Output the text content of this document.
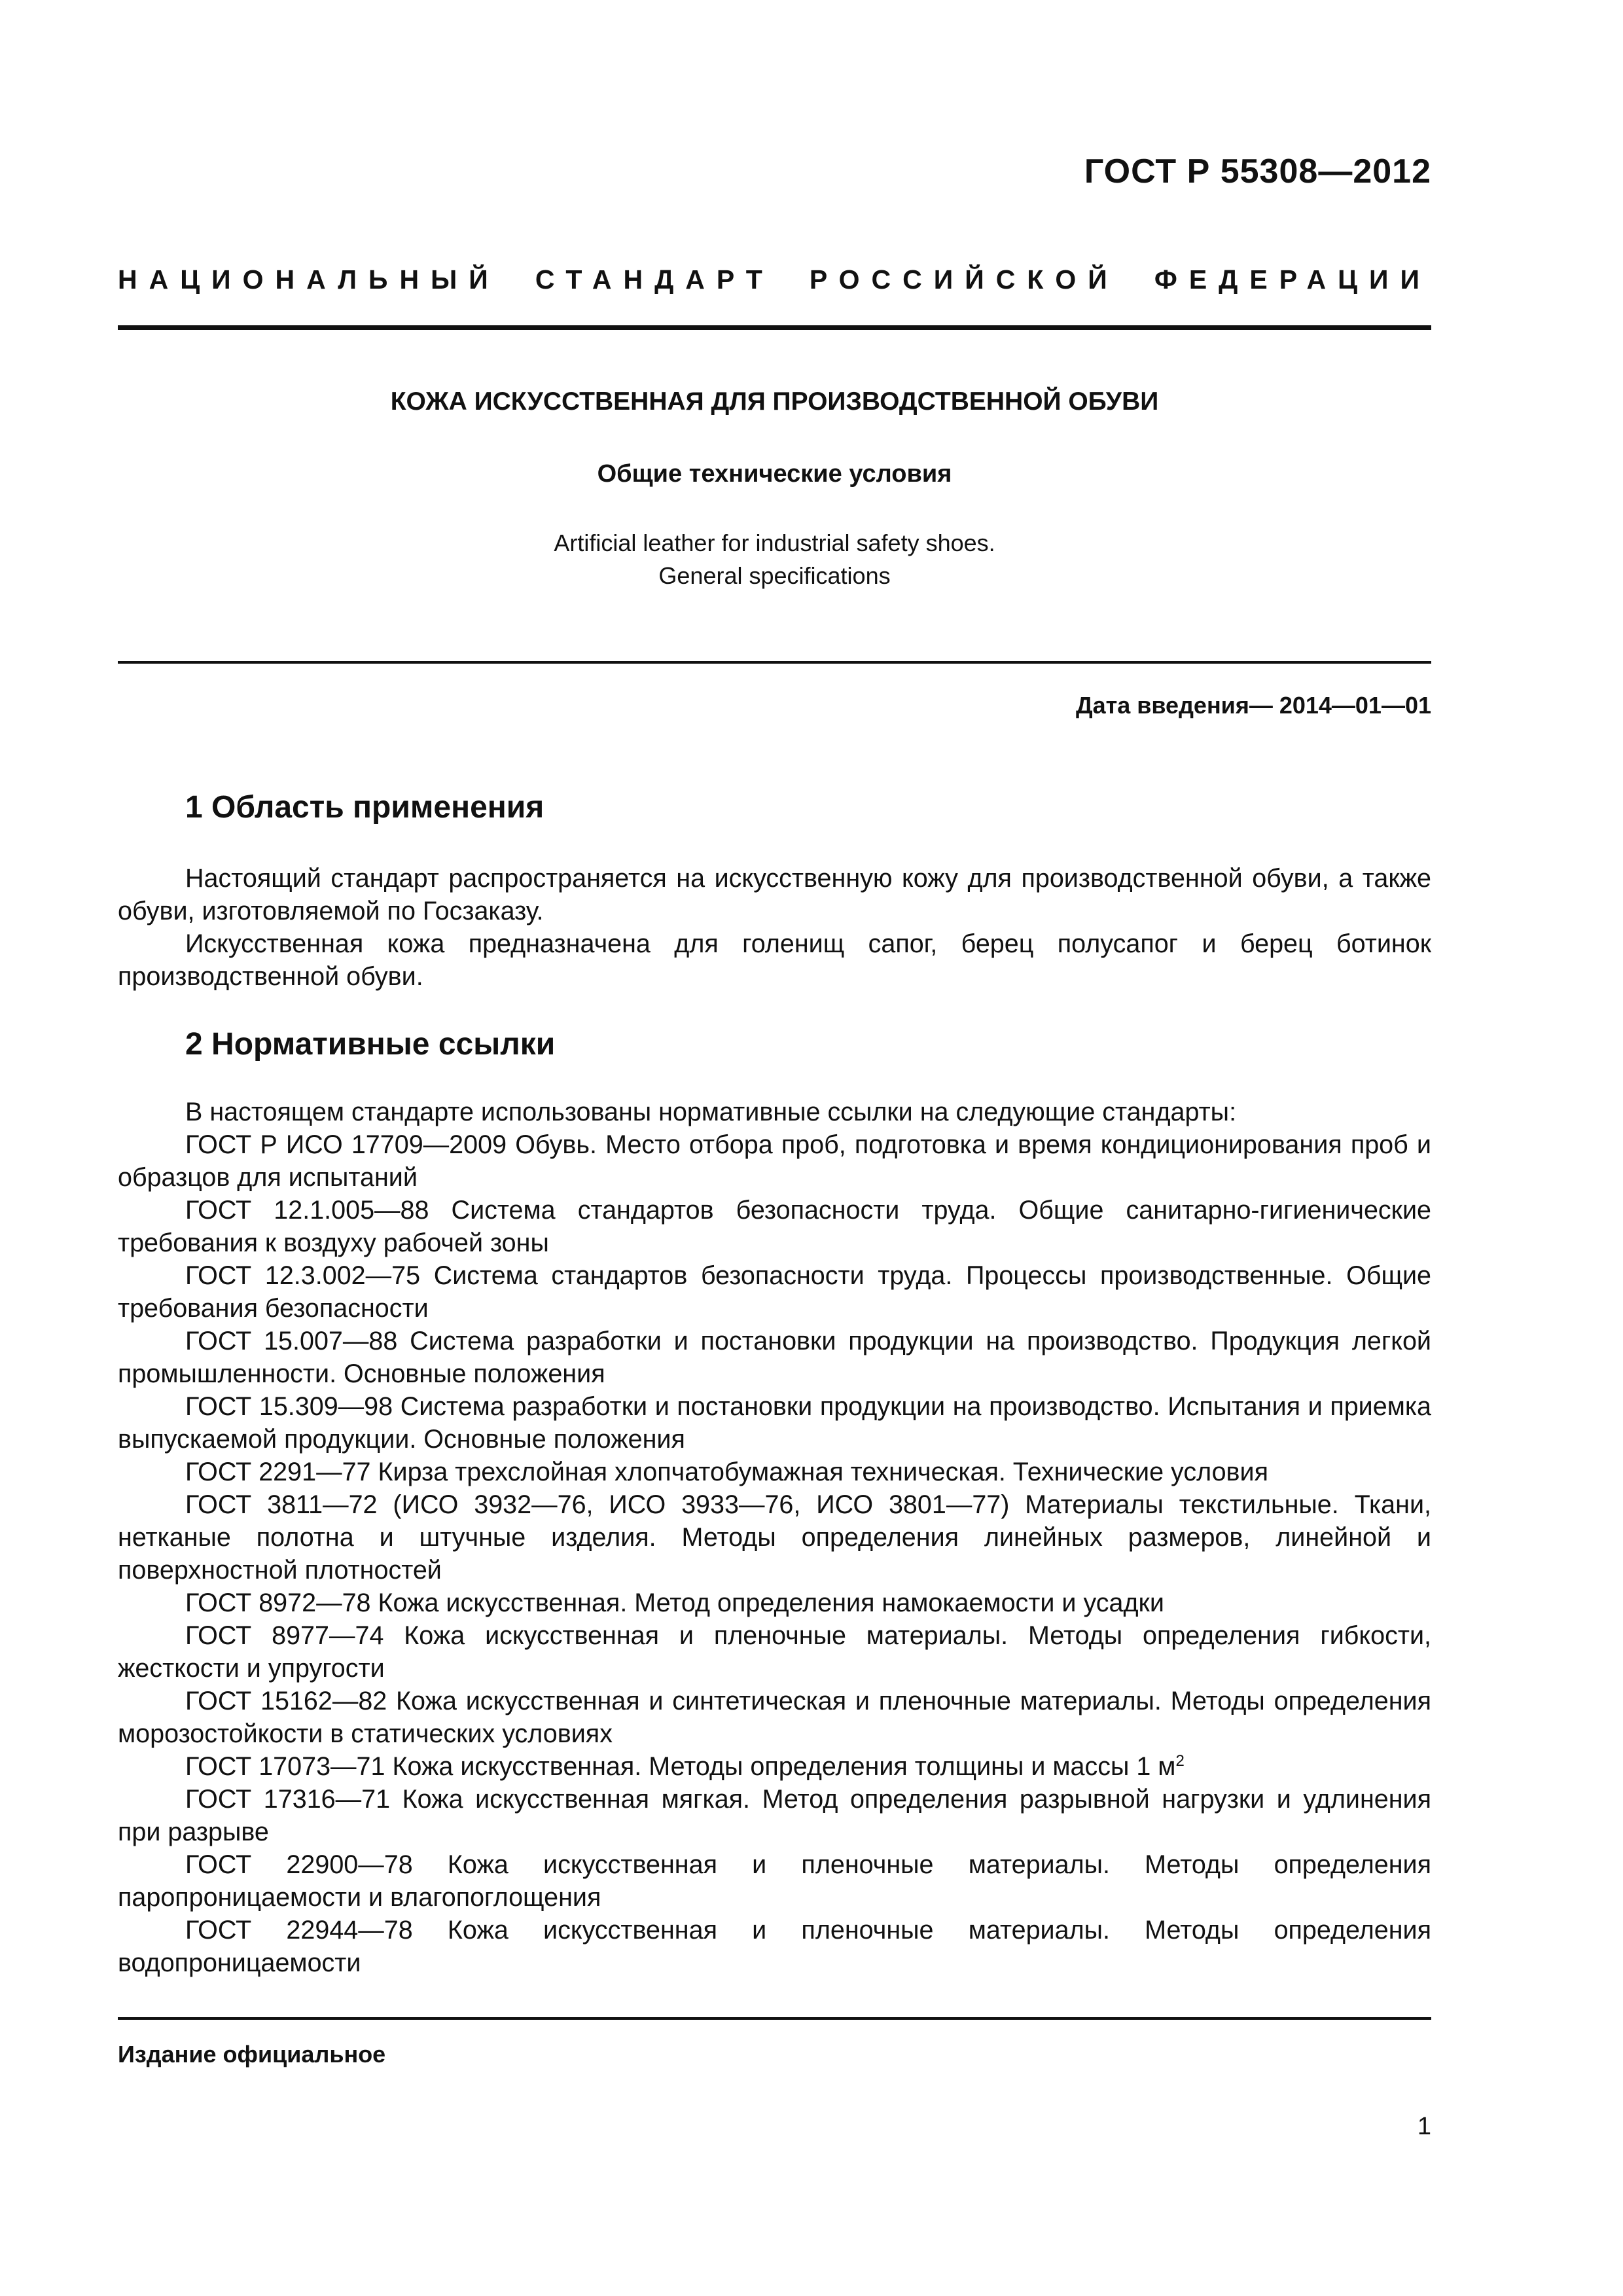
ГОСТ Р 55308—2012
НАЦИОНАЛЬНЫЙ СТАНДАРТ РОССИЙСКОЙ ФЕДЕРАЦИИ
КОЖА ИСКУССТВЕННАЯ ДЛЯ ПРОИЗВОДСТВЕННОЙ ОБУВИ
Общие технические условия
Artificial leather for industrial safety shoes.
General specifications
Дата введения— 2014—01—01
1 Область применения

Настоящий стандарт распространяется на искусственную кожу для производственной обуви, а также обуви, изготовляемой по Госзаказу.

Искусственная кожа предназначена для голенищ сапог, берец полусапог и берец ботинок производственной обуви.

2 Нормативные ссылки

В настоящем стандарте использованы нормативные ссылки на следующие стандарты:

ГОСТ Р ИСО 17709—2009 Обувь. Место отбора проб, подготовка и время кондиционирования проб и образцов для испытаний

ГОСТ 12.1.005—88 Система стандартов безопасности труда. Общие санитарно-гигиенические требования к воздуху рабочей зоны

ГОСТ 12.3.002—75 Система стандартов безопасности труда. Процессы производственные. Общие требования безопасности

ГОСТ 15.007—88 Система разработки и постановки продукции на производство. Продукция легкой промышленности. Основные положения

ГОСТ 15.309—98 Система разработки и постановки продукции на производство. Испытания и приемка выпускаемой продукции. Основные положения

ГОСТ 2291—77 Кирза трехслойная хлопчатобумажная техническая. Технические условия

ГОСТ 3811—72 (ИСО 3932—76, ИСО 3933—76, ИСО 3801—77) Материалы текстильные. Ткани, нетканые полотна и штучные изделия. Методы определения линейных размеров, линейной и поверхностной плотностей

ГОСТ 8972—78 Кожа искусственная. Метод определения намокаемости и усадки

ГОСТ 8977—74 Кожа искусственная и пленочные материалы. Методы определения гибкости, жесткости и упругости

ГОСТ 15162—82 Кожа искусственная и синтетическая и пленочные материалы. Методы определения морозостойкости в статических условиях

ГОСТ 17073—71 Кожа искусственная. Методы определения толщины и массы 1 $м^2$

ГОСТ 17316—71 Кожа искусственная мягкая. Метод определения разрывной нагрузки и удлинения при разрыве

ГОСТ 22900—78 Кожа искусственная и пленочные материалы. Методы определения паропроницаемости и влагопоглощения

ГОСТ 22944—78 Кожа искусственная и пленочные материалы. Методы определения водопроницаемости

Издание официальное
1
